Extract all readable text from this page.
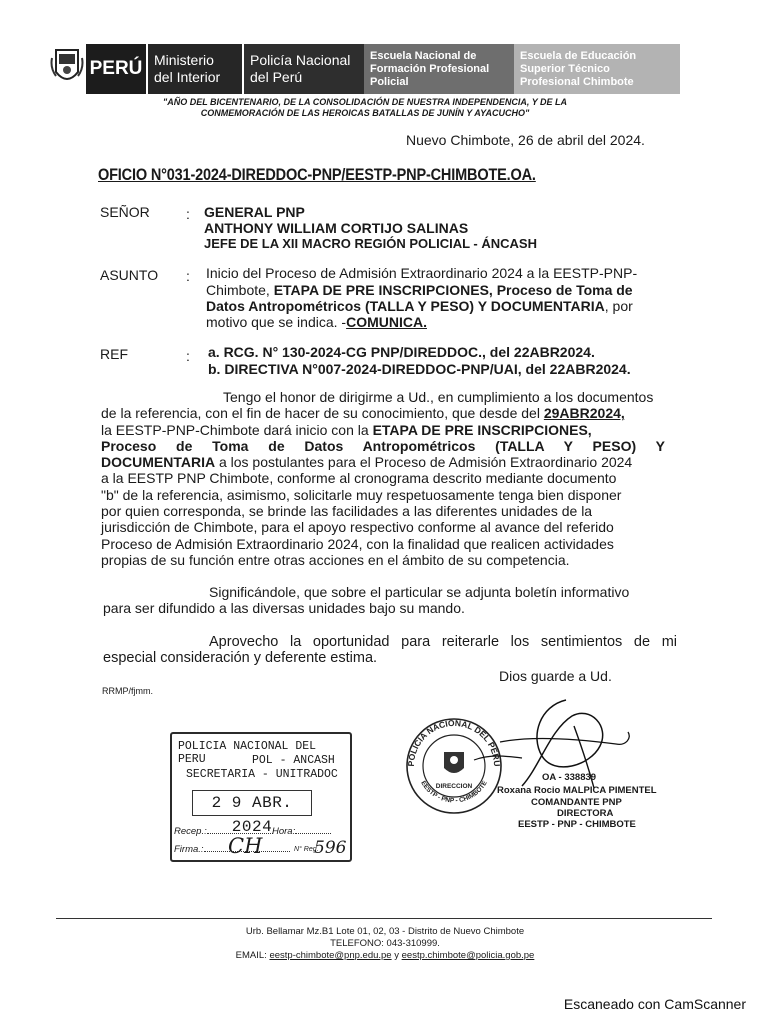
PERÚ Ministerio
del Interior
Policía Nacional
del Perú
Escuela Nacional de
Formación Profesional
Policial
Escuela de Educación
Superior Técnico
Profesional Chimbote
"AÑO DEL BICENTENARIO, DE LA CONSOLIDACIÓN DE NUESTRA INDEPENDENCIA, Y DE LA
CONMEMORACIÓN DE LAS HEROICAS BATALLAS DE JUNÍN Y AYACUCHO"
Nuevo Chimbote, 26 de abril del 2024.
OFICIO N°031-2024-DIREDDOC-PNP/EESTP-PNP-CHIMBOTE.OA.
SEÑOR	: GENERAL PNP
ANTHONY WILLIAM CORTIJO SALINAS
JEFE DE LA XII MACRO REGIÓN POLICIAL - ÁNCASH
ASUNTO : Inicio del Proceso de Admisión Extraordinario 2024 a la EESTP-PNP-
Chimbote, ETAPA DE PRE INSCRIPCIONES, Proceso de Toma de
Datos Antropométricos (TALLA Y PESO) Y DOCUMENTARIA, por
motivo que se indica. -COMUNICA.
REF	: a. RCG. N° 130-2024-CG PNP/DIREDDOC., del 22ABR2024.
b. DIRECTIVA N°007-2024-DIREDDOC-PNP/UAI, del 22ABR2024.
Tengo el honor de dirigirme a Ud., en cumplimiento a los documentos
de la referencia, con el fin de hacer de su conocimiento, que desde del 29ABR2024,
la EESTP-PNP-Chimbote dará inicio con la ETAPA DE PRE INSCRIPCIONES,
Proceso de Toma de Datos Antropométricos (TALLA Y PESO) Y
DOCUMENTARIA a los postulantes para el Proceso de Admisión Extraordinario 2024
a la EESTP PNP Chimbote, conforme al cronograma descrito mediante documento
"b" de la referencia, asimismo, solicitarle muy respetuosamente tenga bien disponer
por quien corresponda, se brinde las facilidades a las diferentes unidades de la
jurisdicción de Chimbote, para el apoyo respectivo conforme al avance del referido
Proceso de Admisión Extraordinario 2024, con la finalidad que realicen actividades
propias de su función entre otras acciones en el ámbito de su competencia.
Significándole, que sobre el particular se adjunta boletín informativo
para ser difundido a las diversas unidades bajo su mando.
Aprovecho la oportunidad para reiterarle los sentimientos de mi
especial consideración y deferente estima.
Dios guarde a Ud.
RRMP/fjmm.
POLICIA NACIONAL DEL PERU	POL - ANCASH
SECRETARIA - UNITRADOC
2 9 ABR. 2024
Recep.:	Hora:
Firma.:	CH	N° Reg.
596
POLICIA NACIONAL DEL PERU
EESTP - PNP - CHIMBOTE
DIRECCION
OA - 338839
Roxana Rocio MALPICA PIMENTEL
COMANDANTE PNP
DIRECTORA
EESTP - PNP - CHIMBOTE
Urb. Bellamar Mz.B1 Lote 01, 02, 03 - Distrito de Nuevo Chimbote
TELEFONO: 043-310999.
EMAIL: eestp-chimbote@pnp.edu.pe y eestp.chimbote@policia.gob.pe
Escaneado con CamScanner
